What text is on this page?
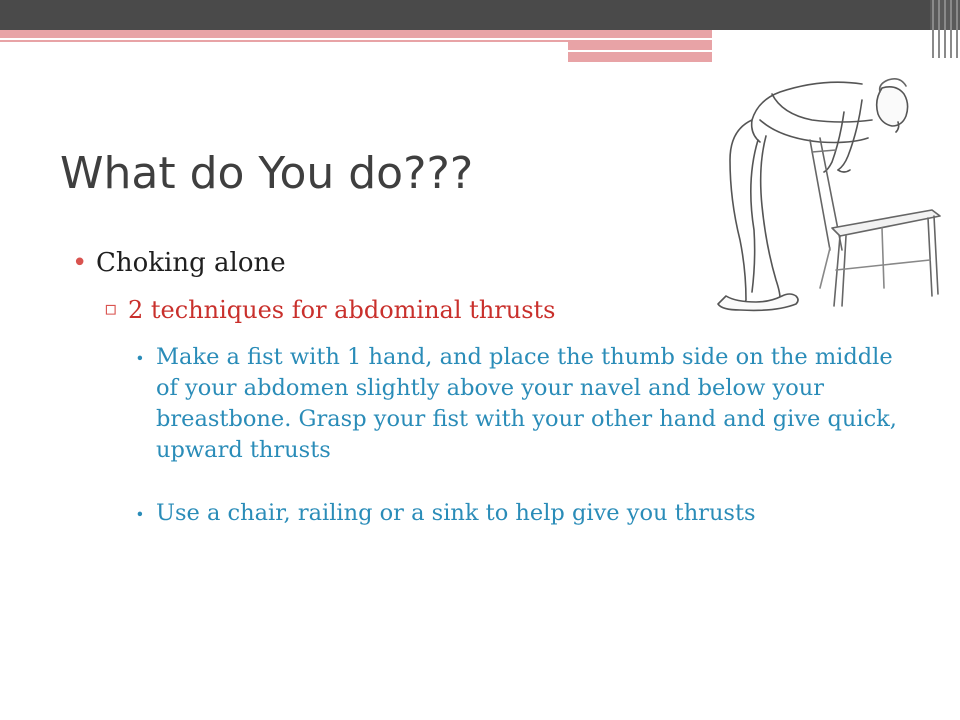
What do You do???
• Choking alone
▫ 2 techniques for abdominal thrusts
∙ Make a fist with 1 hand, and place the thumb side on the middle of your abdomen slightly above your navel and below your breastbone. Grasp your fist with your other hand and give quick, upward thrusts
∙ Use a chair, railing or a sink to help give you thrusts
